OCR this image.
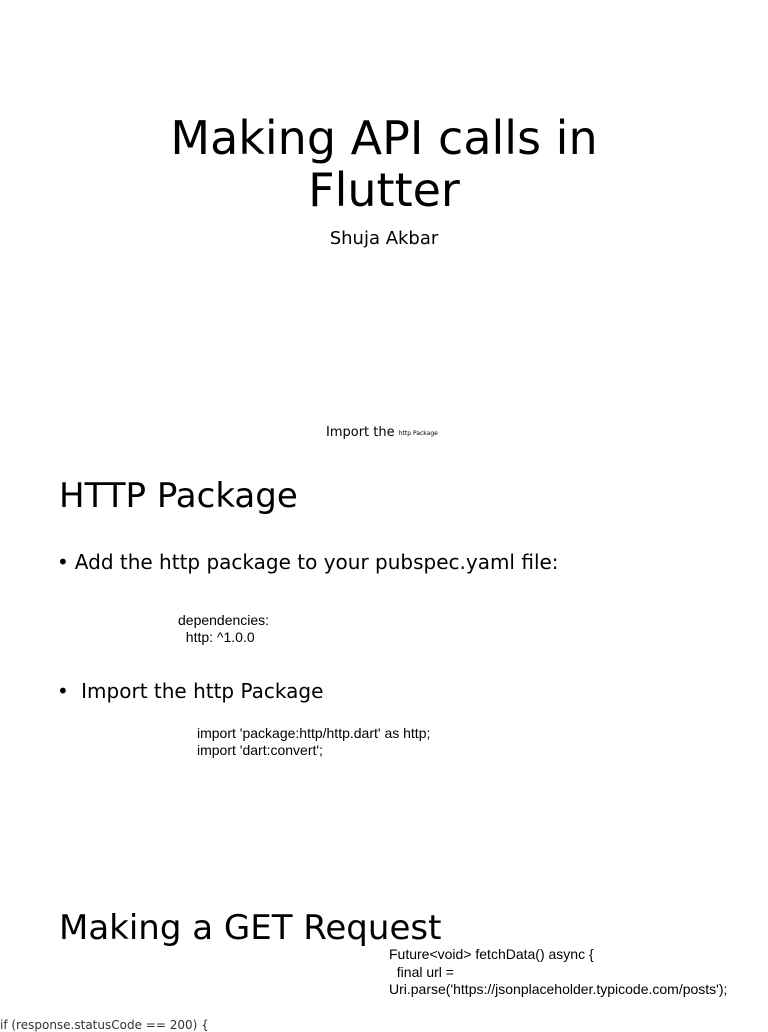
Making API calls in
Flutter
Shuja Akbar
Import the http Package
HTTP Package
• Add the http package to your pubspec.yaml file:
dependencies:
http: ^1.0.0
• Import the http Package
import 'package:http/http.dart' as http;
import 'dart:convert';
Making a GET Request
Future<void> fetchData() async {
final url =
Uri.parse('https://jsonplaceholder.typicode.com/posts');
if (response.statusCode == 200) {
